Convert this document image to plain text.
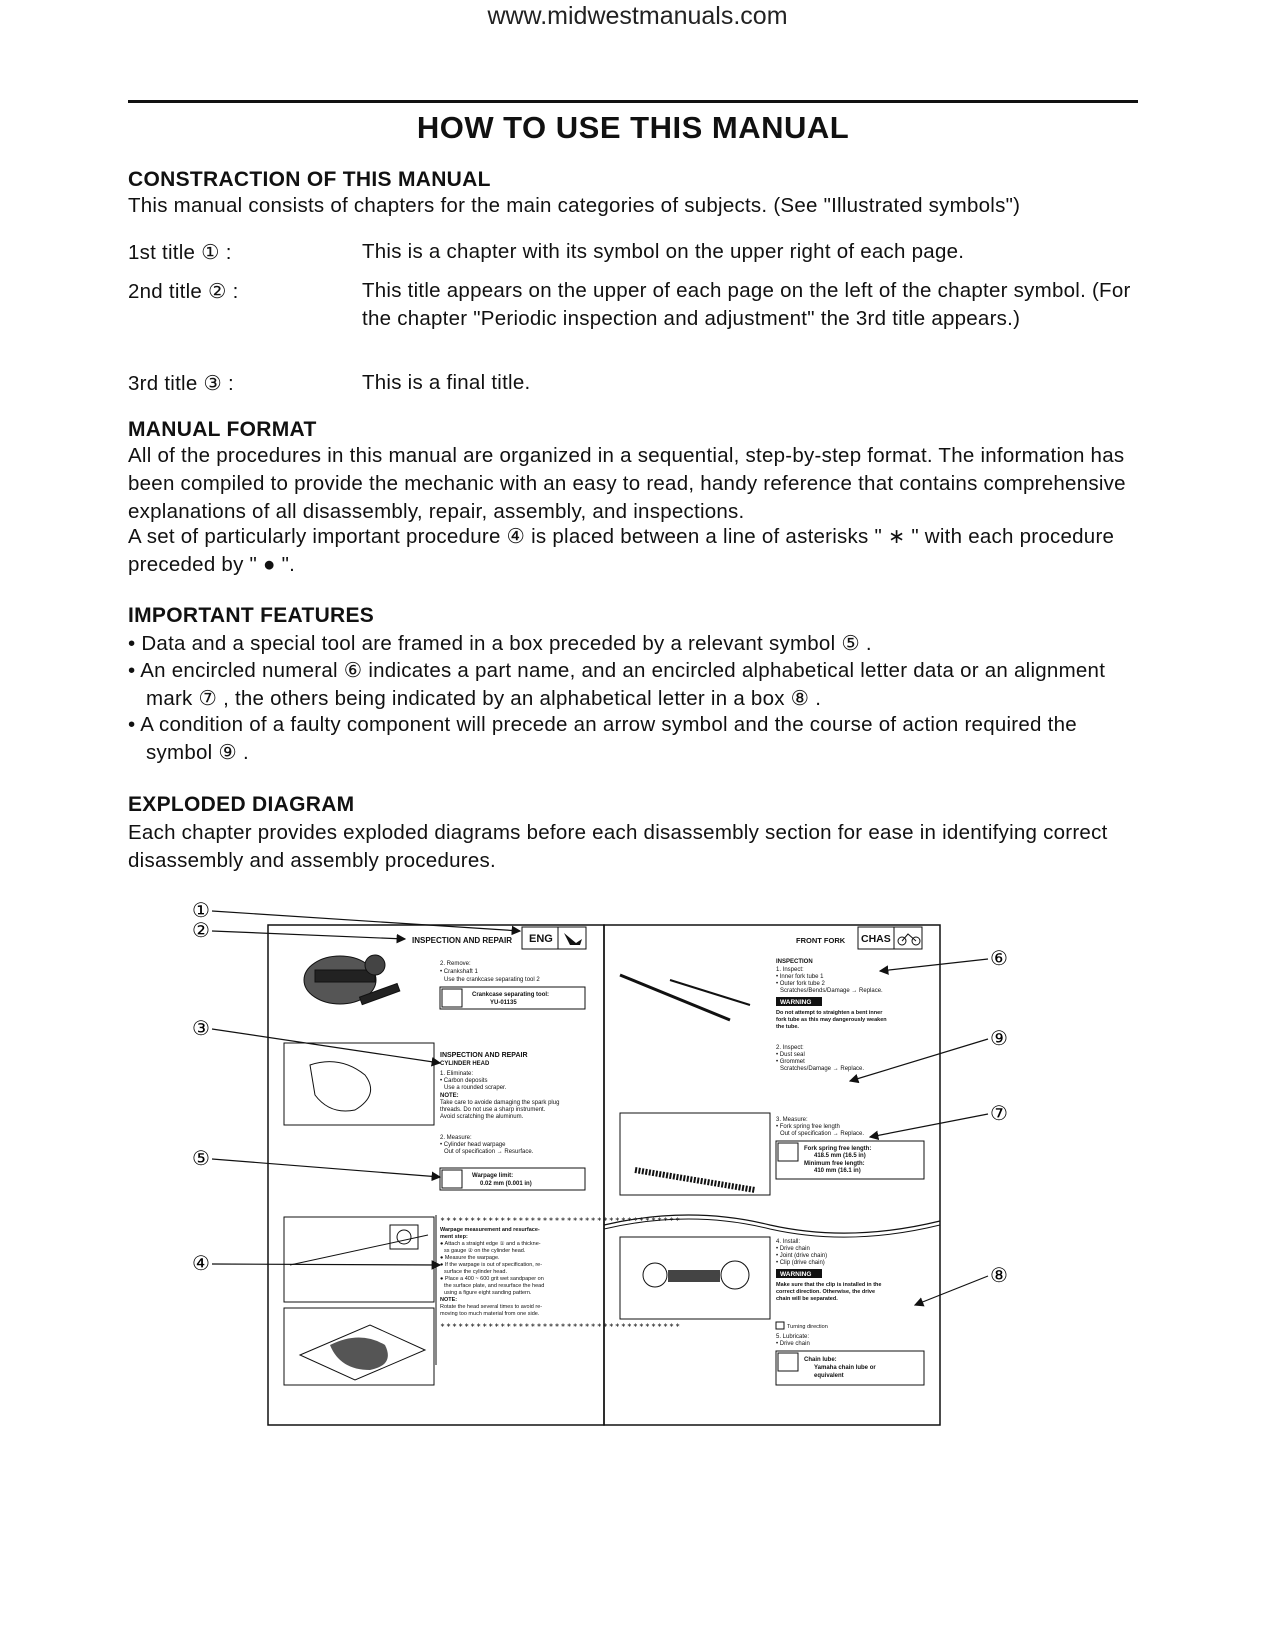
www.midwestmanuals.com
HOW TO USE THIS MANUAL
CONSTRACTION OF THIS MANUAL
This manual consists of chapters for the main categories of subjects. (See "Illustrated symbols")
1st title ① :	This is a chapter with its symbol on the upper right of each page.
2nd title ② :	This title appears on the upper of each page on the left of the chapter symbol. (For the chapter "Periodic inspection and adjustment" the 3rd title appears.)
3rd title ③ :	This is a final title.
MANUAL FORMAT
All of the procedures in this manual are organized in a sequential, step-by-step format. The information has been compiled to provide the mechanic with an easy to read, handy reference that contains comprehensive explanations of all disassembly, repair, assembly, and inspections.
A set of particularly important procedure ④ is placed between a line of asterisks " ∗ " with each procedure preceded by " ● ".
IMPORTANT FEATURES
• Data and a special tool are framed in a box preceded by a relevant symbol ⑤ .
• An encircled numeral ⑥ indicates a part name, and an encircled alphabetical letter data or an alignment mark ⑦ , the others being indicated by an alphabetical letter in a box ⑧ .
• A condition of a faulty component will precede an arrow symbol and the course of action required the symbol ⑨ .
EXPLODED DIAGRAM
Each chapter provides exploded diagrams before each disassembly section for ease in identifying correct disassembly and assembly procedures.
①
②
③
⑤
④
⑥
⑨
⑦
⑧
INSPECTION AND REPAIR ENG
2. Remove: • Crankshaft 1 Use the crankcase separating tool 2
Crankcase separating tool: YU-01135
INSPECTION AND REPAIR CYLINDER HEAD
1. Eliminate: • Carbon deposits Use a rounded scraper. NOTE: Take care to avoide damaging the spark plug threads. Do not use a sharp instrument. Avoid scratching the aluminum. 2. Measure: • Cylinder head warpage Out of specification → Resurface.
Warpage limit: 0.02 mm (0.001 in)
∗∗∗∗∗∗∗∗∗∗∗∗∗∗∗∗∗∗∗∗∗∗∗∗∗∗∗∗∗∗∗∗∗∗∗∗∗∗∗∗
Warpage measurement and resurface- ment step: ● Attach a straight edge ① and a thickne- ss gauge ② on the cylinder head. ● Measure the warpage. ● If the warpage is out of specification, re- surface the cylinder head. ● Place a 400 ~ 600 grit wet sandpaper on the surface plate, and resurface the head using a figure eight sanding pattern. NOTE: Rotate the head several times to avoid re- moving too much material from one side.
∗∗∗∗∗∗∗∗∗∗∗∗∗∗∗∗∗∗∗∗∗∗∗∗∗∗∗∗∗∗∗∗∗∗∗∗∗∗∗∗
FRONT FORK CHAS
INSPECTION 1. Inspect: • Inner fork tube 1 • Outer fork tube 2 Scratches/Bends/Damage → Replace.
WARNING
Do not attempt to straighten a bent inner fork tube as this may dangerously weaken the tube.
2. Inspect: • Dust seal • Grommet Scratches/Damage → Replace.
3. Measure: • Fork spring free length Out of specification → Replace.
Fork spring free length: 418.5 mm (16.5 in) Minimum free length: 410 mm (16.1 in)
4. Install: • Drive chain • Joint (drive chain) • Clip (drive chain)
WARNING
Make sure that the clip is installed in the correct direction. Otherwise, the drive chain will be separated.
Turning direction
5. Lubricate: • Drive chain
Chain lube: Yamaha chain lube or equivalent
